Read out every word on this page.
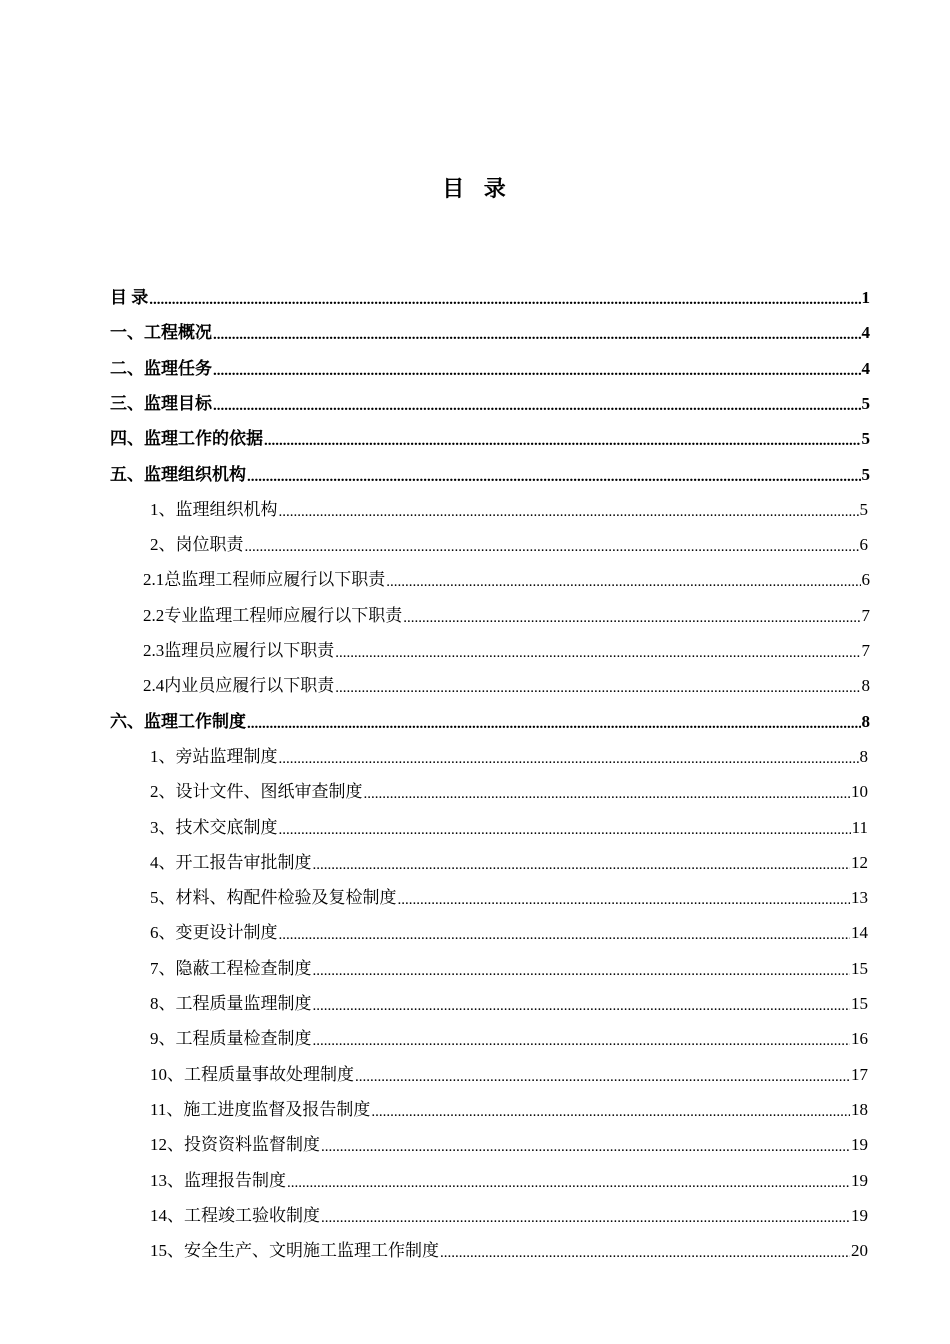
目 录
目 录 .....	1
一、工程概况 .....	4
二、监理任务 .....	4
三、监理目标 .....	5
四、监理工作的依据 .....	5
五、监理组织机构 .....	5
1、监理组织机构 .....	5
2、岗位职责 .....	6
2.1总监理工程师应履行以下职责 .....	6
2.2专业监理工程师应履行以下职责 .....	7
2.3监理员应履行以下职责 .....	7
2.4内业员应履行以下职责 .....	8
六、监理工作制度 .....	8
1、旁站监理制度 .....	8
2、设计文件、图纸审查制度 .....	10
3、技术交底制度 .....	11
4、开工报告审批制度 .....	12
5、材料、构配件检验及复检制度 .....	13
6、变更设计制度 .....	14
7、隐蔽工程检查制度 .....	15
8、工程质量监理制度 .....	15
9、工程质量检查制度 .....	16
10、工程质量事故处理制度 .....	17
11、施工进度监督及报告制度 .....	18
12、投资资料监督制度 .....	19
13、监理报告制度 .....	19
14、工程竣工验收制度 .....	19
15、安全生产、文明施工监理工作制度 .....	20
